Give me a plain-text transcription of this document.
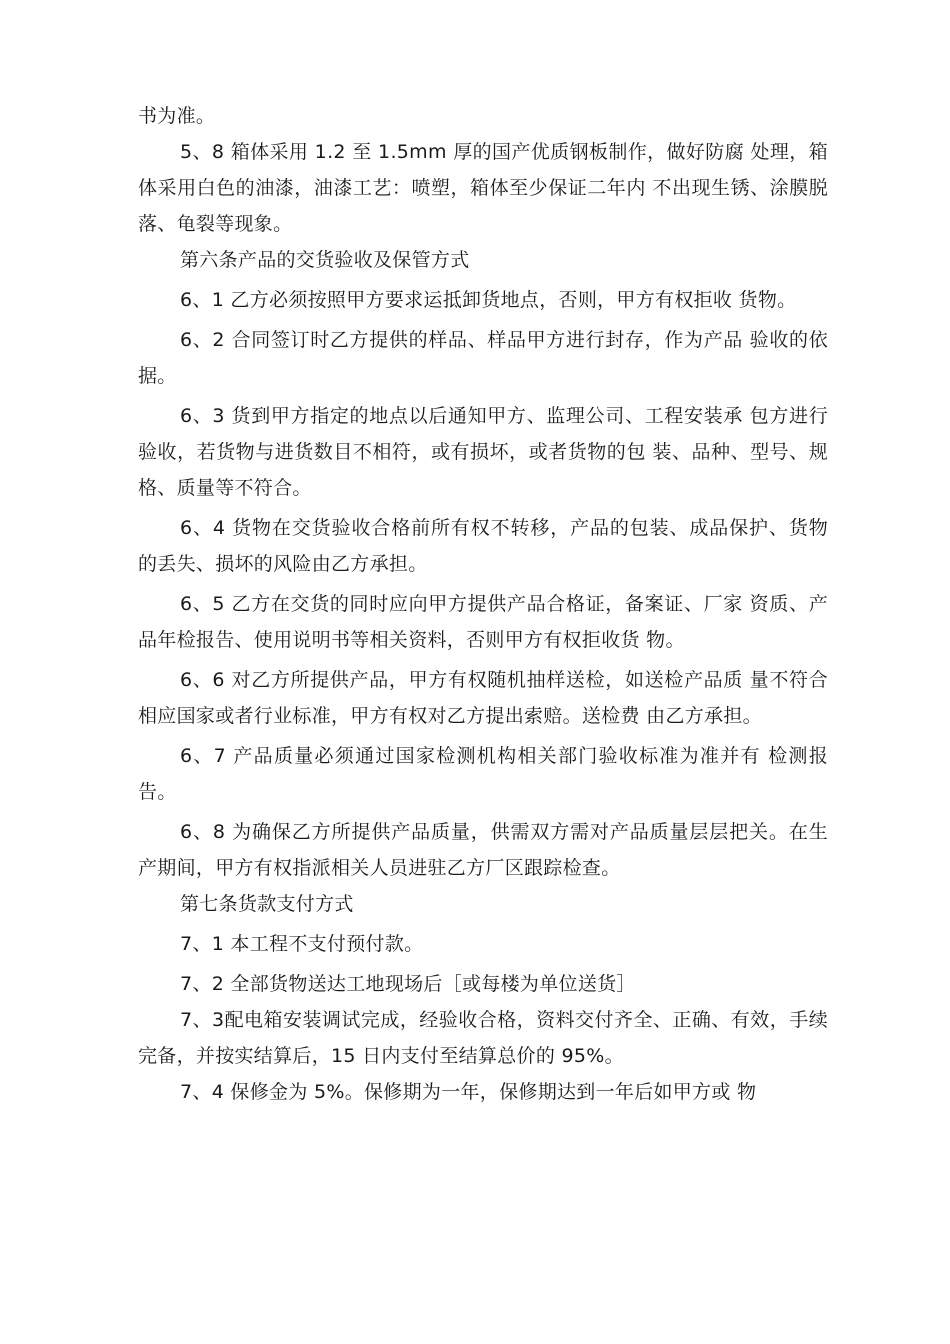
书为准。

5、8 箱体采用 1.2 至 1.5mm 厚的国产优质钢板制作，做好防腐 处理，箱体采用白色的油漆，油漆工艺：喷塑，箱体至少保证二年内 不出现生锈、涂膜脱落、龟裂等现象。

第六条产品的交货验收及保管方式

6、1 乙方必须按照甲方要求运抵卸货地点，否则，甲方有权拒收 货物。

6、2 合同签订时乙方提供的样品、样品甲方进行封存，作为产品 验收的依据。

6、3 货到甲方指定的地点以后通知甲方、监理公司、工程安装承 包方进行验收，若货物与进货数目不相符，或有损坏，或者货物的包 装、品种、型号、规格、质量等不符合。

6、4 货物在交货验收合格前所有权不转移，产品的包装、成品保护、货物的丢失、损坏的风险由乙方承担。

6、5 乙方在交货的同时应向甲方提供产品合格证，备案证、厂家 资质、产品年检报告、使用说明书等相关资料，否则甲方有权拒收货 物。

6、6 对乙方所提供产品，甲方有权随机抽样送检，如送检产品质 量不符合相应国家或者行业标准，甲方有权对乙方提出索赔。送检费 由乙方承担。

6、7 产品质量必须通过国家检测机构相关部门验收标准为准并有 检测报告。

6、8 为确保乙方所提供产品质量，供需双方需对产品质量层层把关。在生产期间，甲方有权指派相关人员进驻乙方厂区跟踪检查。

第七条货款支付方式

7、1 本工程不支付预付款。

7、2 全部货物送达工地现场后［或每楼为单位送货］

7、3配电箱安装调试完成，经验收合格，资料交付齐全、正确、有效，手续完备，并按实结算后，15 日内支付至结算总价的 95%。

7、4 保修金为 5%。保修期为一年，保修期达到一年后如甲方或 物
